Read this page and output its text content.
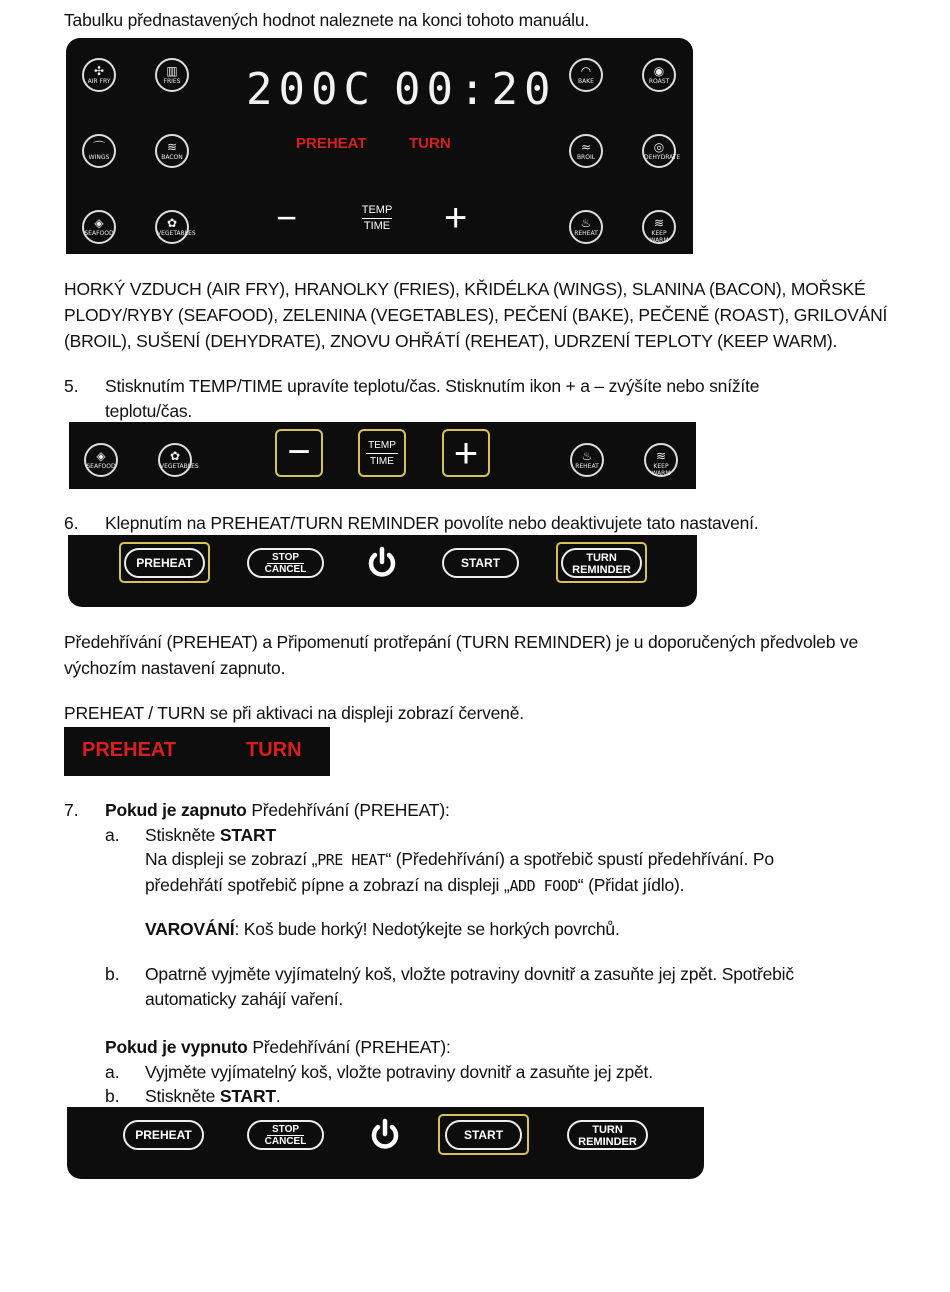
Tabulku přednastavených hodnot naleznete na konci tohoto manuálu.
✣
AIR FRY
▥
FRIES
⌒
WINGS
≋
BACON
◈
SEAFOOD
✿
VEGETABLES
200C 00:20
PREHEAT	TURN
−	TEMP
TIME +
◠
BAKE
◉
ROAST
≈
BROIL
◎
DEHYDRATE
♨
REHEAT
≋
KEEP WARM
HORKÝ VZDUCH (AIR FRY), HRANOLKY (FRIES), KŘIDÉLKA (WINGS), SLANINA (BACON), MOŘSKÉ
PLODY/RYBY (SEAFOOD), ZELENINA (VEGETABLES), PEČENÍ (BAKE), PEČENĚ (ROAST), GRILOVÁNÍ
(BROIL), SUŠENÍ (DEHYDRATE), ZNOVU OHŘÁTÍ (REHEAT), UDRZENÍ TEPLOTY (KEEP WARM).
5. Stisknutím TEMP/TIME upravíte teplotu/čas. Stisknutím ikon + a – zvýšíte nebo snížíte
teplotu/čas.
◈
SEAFOOD
✿
VEGETABLES	−	TEMP
TIME +	♨
REHEAT
≋
KEEP WARM
6. Klepnutím na PREHEAT/TURN REMINDER povolíte nebo deaktivujete tato nastavení.
PREHEAT	STOP
CANCEL	START	TURN
REMINDER
Předehřívání (PREHEAT) a Připomenutí protřepání (TURN REMINDER) je u doporučených předvoleb ve
výchozím nastavení zapnuto.
PREHEAT / TURN se při aktivaci na displeji zobrazí červeně.
PREHEAT	TURN
7. Pokud je zapnuto Předehřívání (PREHEAT):
a. Stiskněte START
Na displeji se zobrazí „PRE HEAT“ (Předehřívání) a spotřebič spustí předehřívání. Po
předehřátí spotřebič pípne a zobrazí na displeji „ADD FOOD“ (Přidat jídlo).
VAROVÁNÍ: Koš bude horký! Nedotýkejte se horkých povrchů.
b. Opatrně vyjměte vyjímatelný koš, vložte potraviny dovnitř a zasuňte jej zpět. Spotřebič
automaticky zahájí vaření.
Pokud je vypnuto Předehřívání (PREHEAT):
a. Vyjměte vyjímatelný koš, vložte potraviny dovnitř a zasuňte jej zpět.
b. Stiskněte START.
PREHEAT	STOP
CANCEL	START	TURN
REMINDER
